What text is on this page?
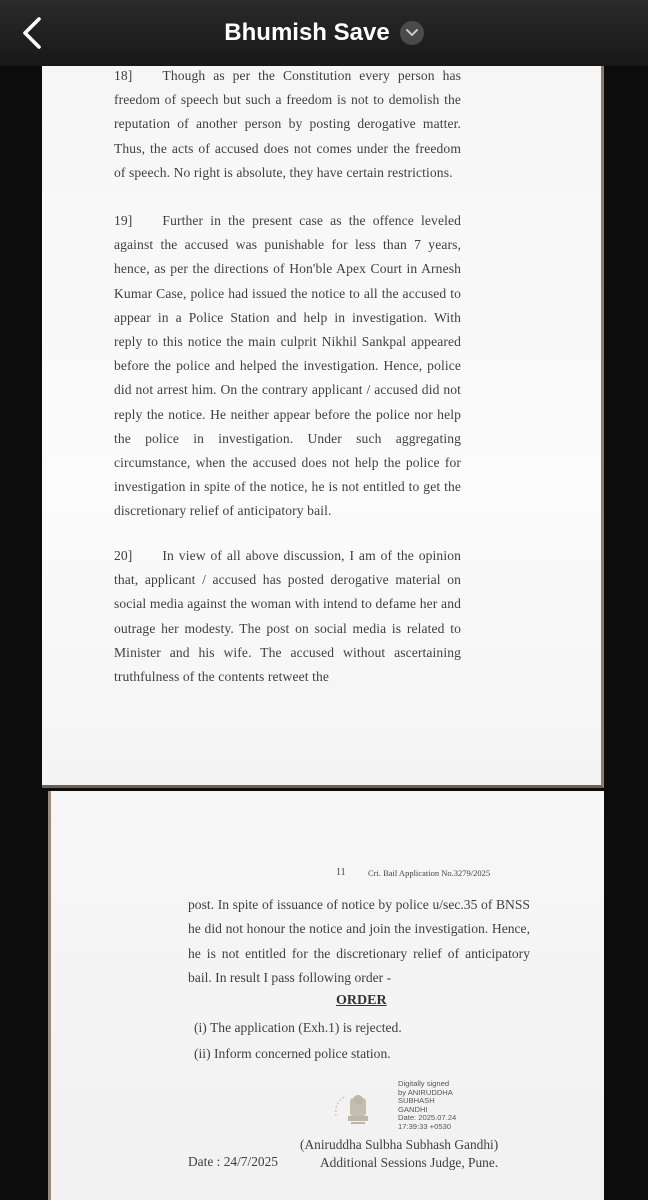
Bhumish Save
18] Though as per the Constitution every person has freedom of speech but such a freedom is not to demolish the reputation of another person by posting derogative matter. Thus, the acts of accused does not comes under the freedom of speech. No right is absolute, they have certain restrictions.
19] Further in the present case as the offence leveled against the accused was punishable for less than 7 years, hence, as per the directions of Hon'ble Apex Court in Arnesh Kumar Case, police had issued the notice to all the accused to appear in a Police Station and help in investigation. With reply to this notice the main culprit Nikhil Sankpal appeared before the police and helped the investigation. Hence, police did not arrest him. On the contrary applicant / accused did not reply the notice. He neither appear before the police nor help the police in investigation. Under such aggregating circumstance, when the accused does not help the police for investigation in spite of the notice, he is not entitled to get the discretionary relief of anticipatory bail.
20] In view of all above discussion, I am of the opinion that, applicant / accused has posted derogative material on social media against the woman with intend to defame her and outrage her modesty. The post on social media is related to Minister and his wife. The accused without ascertaining truthfulness of the contents retweet the
11	Cri. Bail Application No.3279/2025
post. In spite of issuance of notice by police u/sec.35 of BNSS he did not honour the notice and join the investigation. Hence, he is not entitled for the discretionary relief of anticipatory bail. In result I pass following order -
ORDER
(i) The application (Exh.1) is rejected.
(ii) Inform concerned police station.
Digitally signed
by ANIRUDDHA
SUBHASH
GANDHI
Date: 2025.07.24
17:39:33 +0530
(Aniruddha Sulbha Subhash Gandhi)
Additional Sessions Judge, Pune.
Date : 24/7/2025
